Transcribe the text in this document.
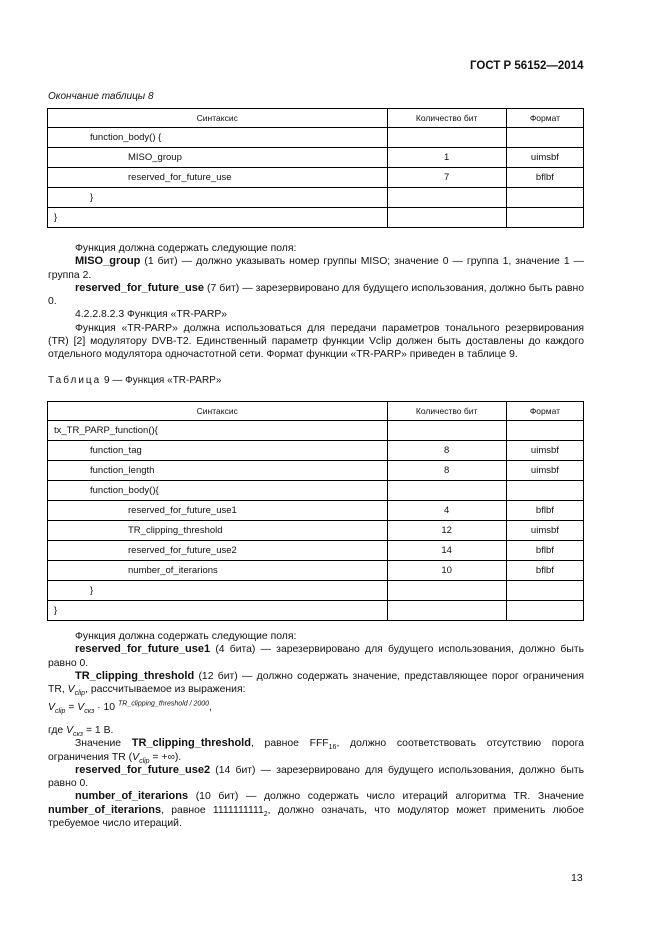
ГОСТ Р 56152—2014
Окончание таблицы 8
Синтаксис	Количество бит	Формат
function_body() {		
MISO_group	1	uimsbf
reserved_for_future_use	7	bflbf
}		
}		
Функция должна содержать следующие поля:
MISO_group (1 бит) — должно указывать номер группы MISO; значение 0 — группа 1, значение 1 — группа 2.
reserved_for_future_use (7 бит) — зарезервировано для будущего использования, должно быть равно 0.
4.2.2.8.2.3 Функция «TR-PARP»
Функция «TR-PARP» должна использоваться для передачи параметров тонального резервирования (TR) [2] модулятору DVB-T2. Единственный параметр функции Vclip должен быть доставлены до каждого отдельного модулятора одночастотной сети. Формат функции «TR-PARP» приведен в таблице 9.
Таблица 9 — Функция «TR-PARP»
Синтаксис	Количество бит	Формат
tx_TR_PARP_function(){		
function_tag	8	uimsbf
function_length	8	uimsbf
function_body(){		
reserved_for_future_use1	4	bflbf
TR_clipping_threshold	12	uimsbf
reserved_for_future_use2	14	bflbf
number_of_iterarions	10	bflbf
}		
}		
Функция должна содержать следующие поля:
reserved_for_future_use1 (4 бита) — зарезервировано для будущего использования, должно быть равно 0.
TR_clipping_threshold (12 бит) — должно содержать значение, представляющее порог ограничения TR, $V_{clip}$, рассчитываемое из выражения:
$V_{clip} = V_{скз} \cdot 10$ $^{TR\_clipping\_threshold / 2000}$,
где $V_{скз} = 1$ В.
Значение TR_clipping_threshold, равное $FFF_{16}$, должно соответствовать отсутствию порога ограничения TR ($V_{clip}$ = +∞).
reserved_for_future_use2 (14 бит) — зарезервировано для будущего использования, должно быть равно 0.
number_of_iterarions (10 бит) — должно содержать число итераций алгоритма TR. Значение number_of_iterarions, равное $1111111111_2$, должно означать, что модулятор может применить любое требуемое число итераций.
13
